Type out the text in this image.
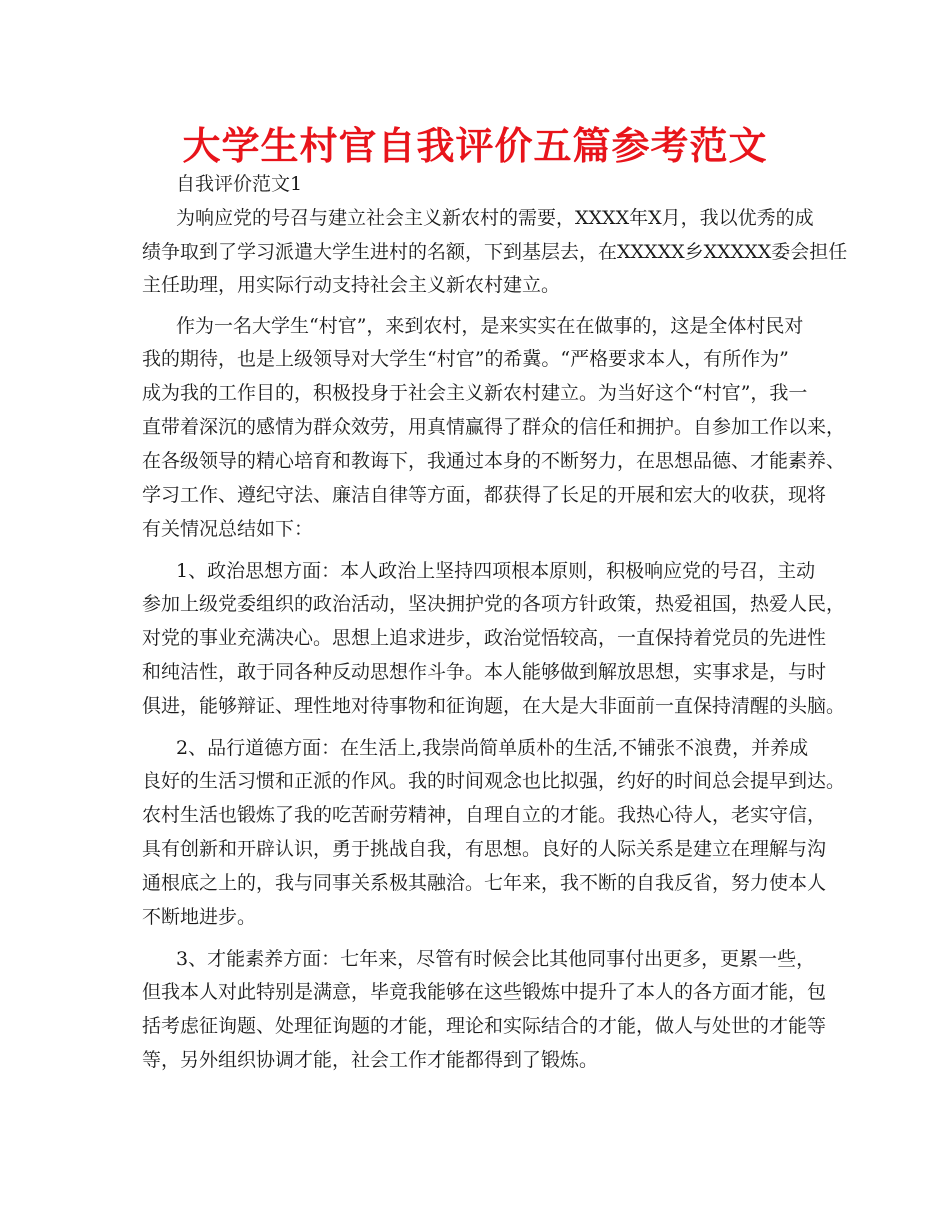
大学生村官自我评价五篇参考范文
自我评价范文1
为响应党的号召与建立社会主义新农村的需要，XXXX年X月，我以优秀的成
绩争取到了学习派遣大学生进村的名额，下到基层去，在XXXXX乡XXXXX委会担任
主任助理，用实际行动支持社会主义新农村建立。
作为一名大学生“村官”，来到农村，是来实实在在做事的，这是全体村民对
我的期待，也是上级领导对大学生“村官”的希冀。“严格要求本人，有所作为”
成为我的工作目的，积极投身于社会主义新农村建立。为当好这个“村官”，我一
直带着深沉的感情为群众效劳，用真情赢得了群众的信任和拥护。自参加工作以来，
在各级领导的精心培育和教诲下，我通过本身的不断努力，在思想品德、才能素养、
学习工作、遵纪守法、廉洁自律等方面，都获得了长足的开展和宏大的收获，现将
有关情况总结如下：
1、政治思想方面：本人政治上坚持四项根本原则，积极响应党的号召，主动
参加上级党委组织的政治活动，坚决拥护党的各项方针政策，热爱祖国，热爱人民，
对党的事业充满决心。思想上追求进步，政治觉悟较高，一直保持着党员的先进性
和纯洁性，敢于同各种反动思想作斗争。本人能够做到解放思想，实事求是，与时
俱进，能够辩证、理性地对待事物和征询题，在大是大非面前一直保持清醒的头脑。
2、品行道德方面：在生活上,我崇尚简单质朴的生活,不铺张不浪费，并养成
良好的生活习惯和正派的作风。我的时间观念也比拟强，约好的时间总会提早到达。
农村生活也锻炼了我的吃苦耐劳精神，自理自立的才能。我热心待人，老实守信，
具有创新和开辟认识，勇于挑战自我，有思想。良好的人际关系是建立在理解与沟
通根底之上的，我与同事关系极其融洽。七年来，我不断的自我反省，努力使本人
不断地进步。
3、才能素养方面：七年来，尽管有时候会比其他同事付出更多，更累一些，
但我本人对此特别是满意，毕竟我能够在这些锻炼中提升了本人的各方面才能，包
括考虑征询题、处理征询题的才能，理论和实际结合的才能，做人与处世的才能等
等，另外组织协调才能，社会工作才能都得到了锻炼。
